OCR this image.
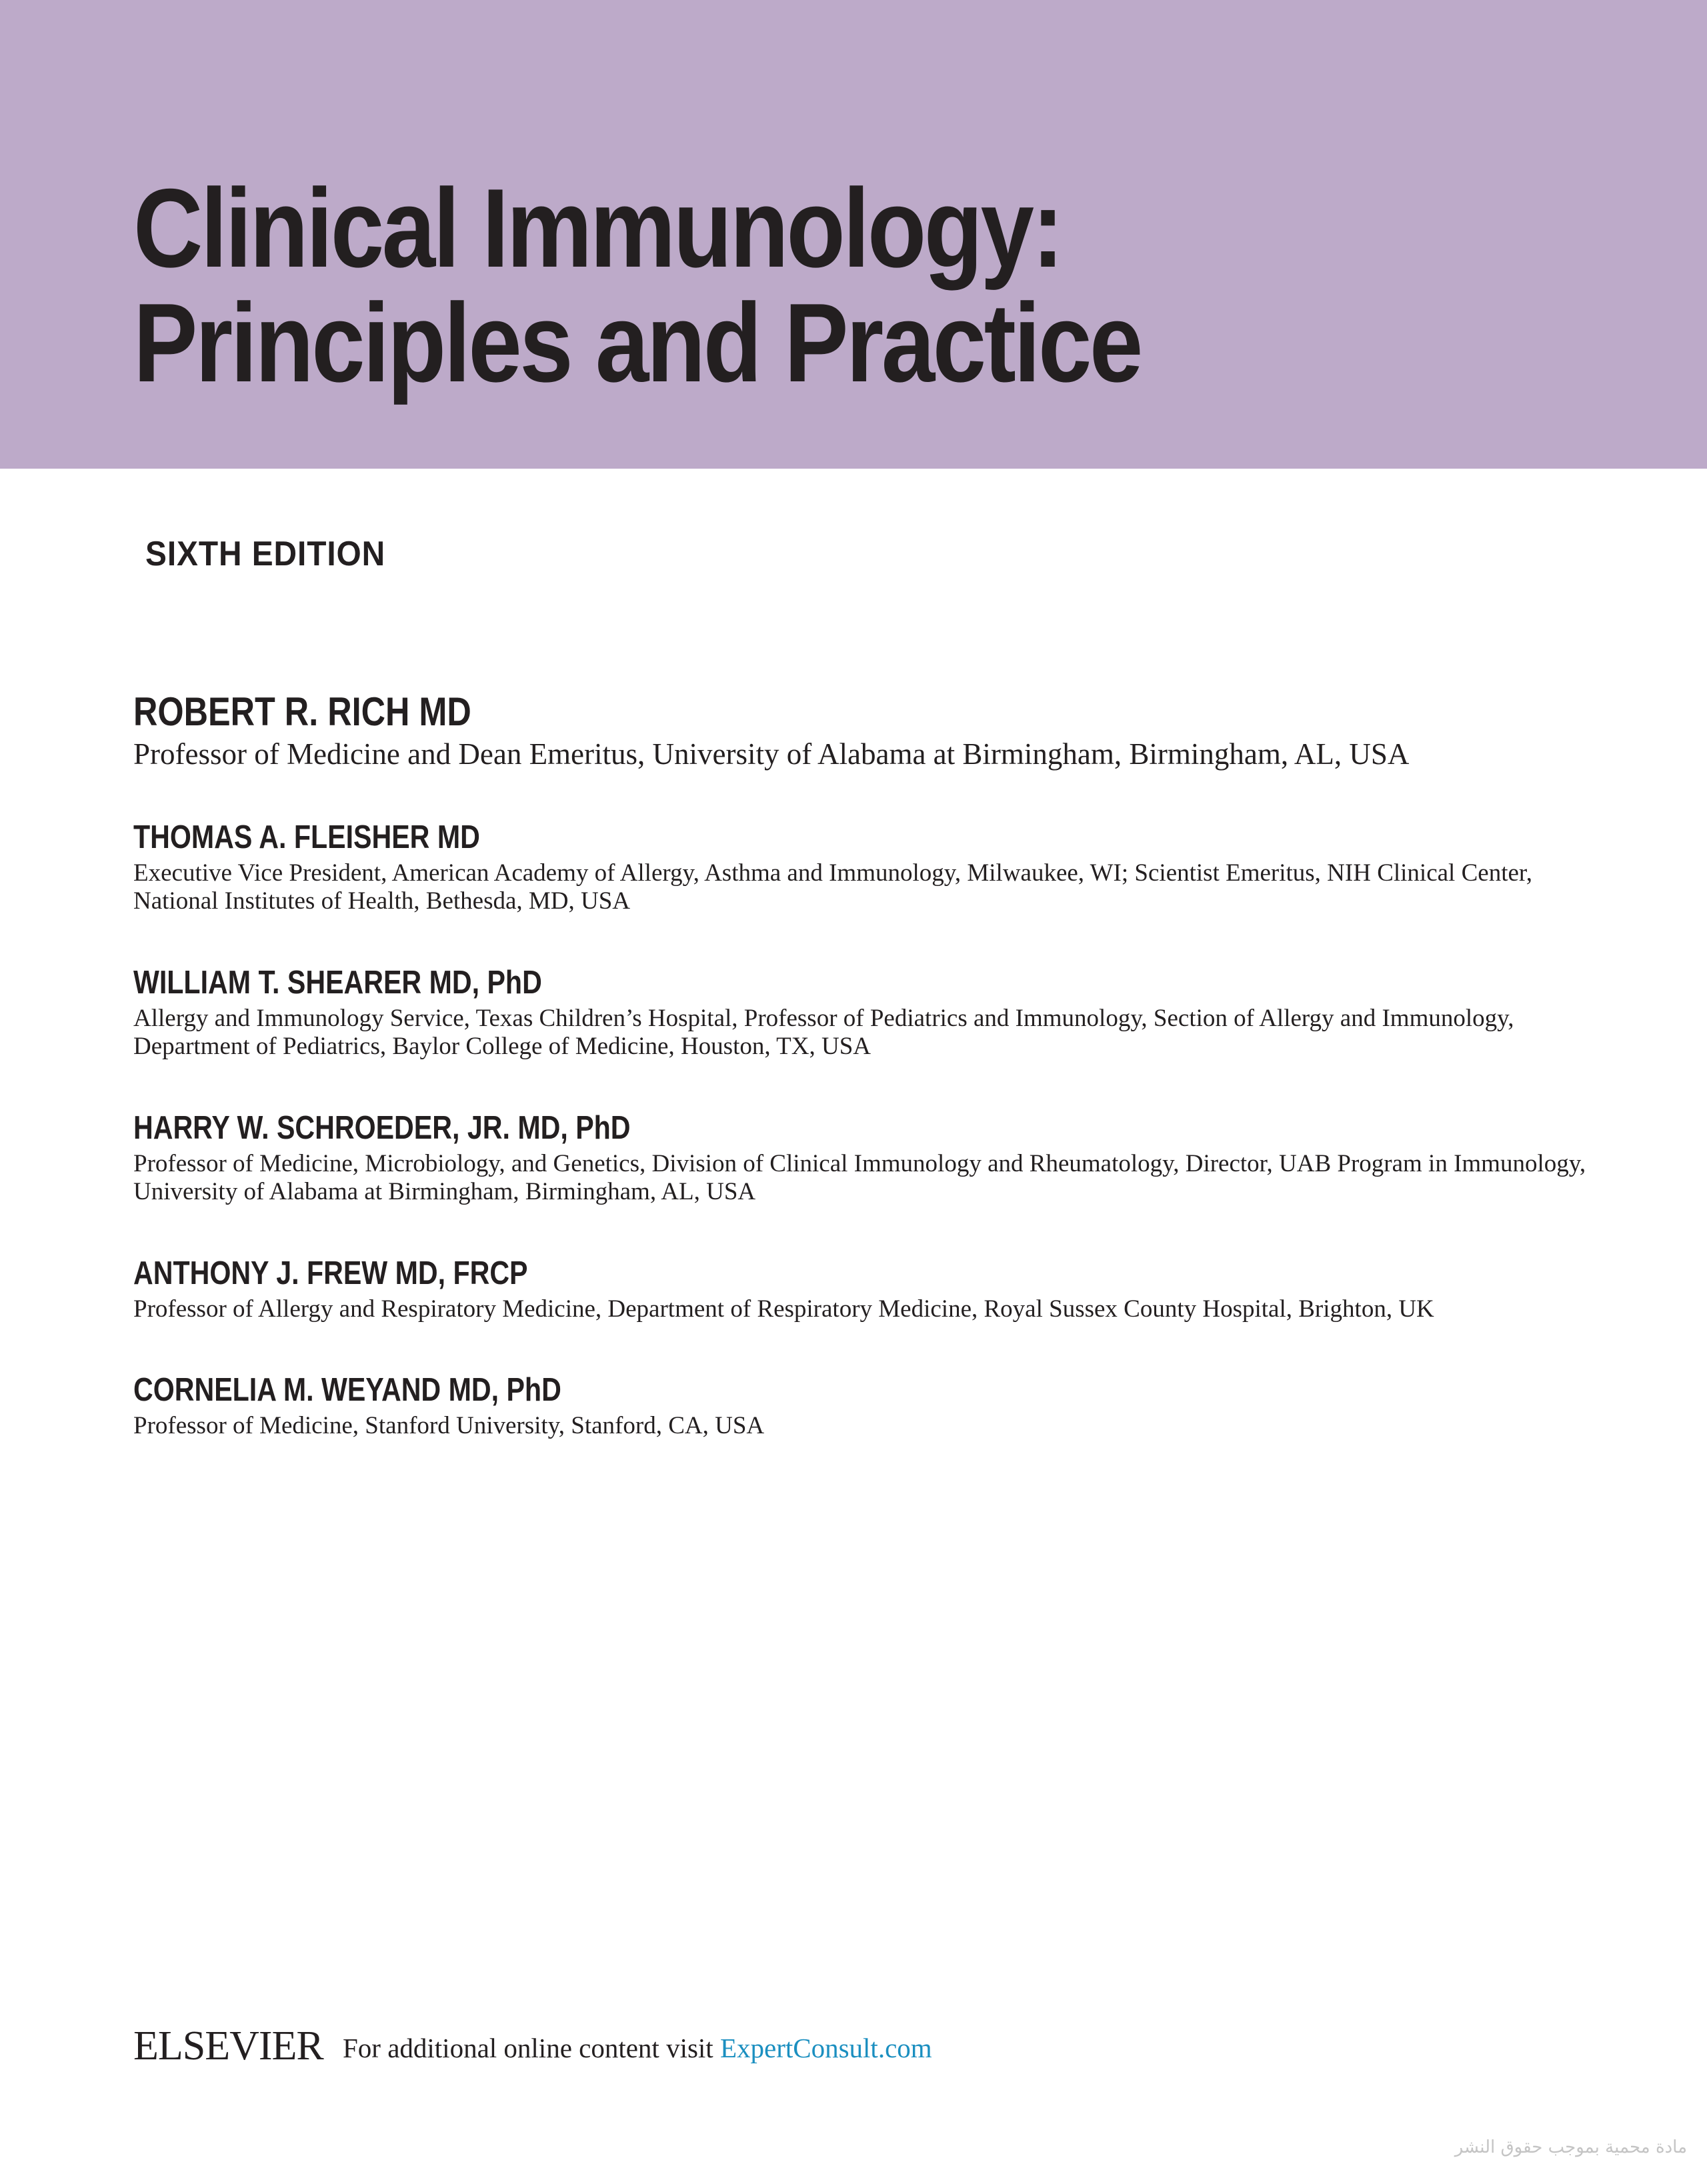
Clinical Immunology:
Principles and Practice
SIXTH EDITION
ROBERT R. RICH MD

Professor of Medicine and Dean Emeritus, University of Alabama at Birmingham, Birmingham, AL, USA

THOMAS A. FLEISHER MD

Executive Vice President, American Academy of Allergy, Asthma and Immunology, Milwaukee, WI; Scientist Emeritus, NIH Clinical Center, National Institutes of Health, Bethesda, MD, USA

WILLIAM T. SHEARER MD, PhD

Allergy and Immunology Service, Texas Children’s Hospital, Professor of Pediatrics and Immunology, Section of Allergy and Immunology, Department of Pediatrics, Baylor College of Medicine, Houston, TX, USA

HARRY W. SCHROEDER, JR. MD, PhD

Professor of Medicine, Microbiology, and Genetics, Division of Clinical Immunology and Rheumatology, Director, UAB Program in Immunology, University of Alabama at Birmingham, Birmingham, AL, USA

ANTHONY J. FREW MD, FRCP

Professor of Allergy and Respiratory Medicine, Department of Respiratory Medicine, Royal Sussex County Hospital, Brighton, UK

CORNELIA M. WEYAND MD, PhD

Professor of Medicine, Stanford University, Stanford, CA, USA

ELSEVIER For additional online content visit ExpertConsult.com
مادة محمية بموجب حقوق النشر
